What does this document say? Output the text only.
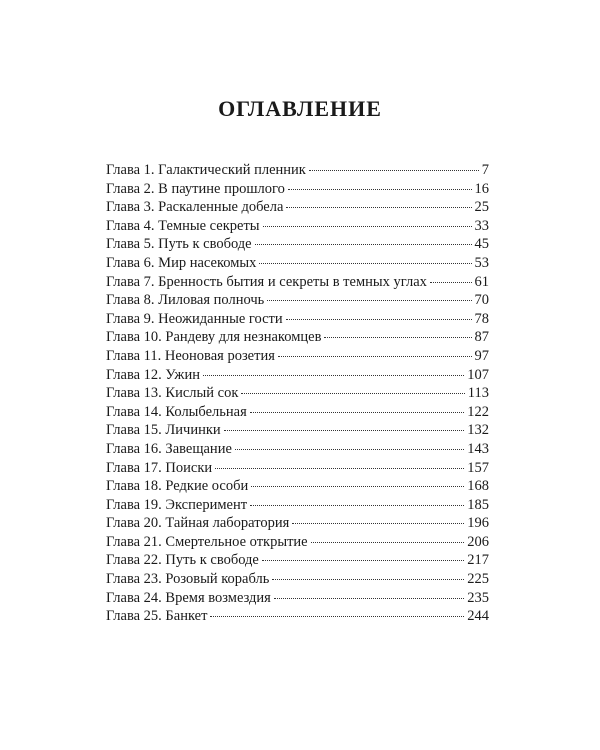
ОГЛАВЛЕНИЕ
Глава 1. Галактический пленник	7
Глава 2. В паутине прошлого	16
Глава 3. Раскаленные добела	25
Глава 4. Темные секреты	33
Глава 5. Путь к свободе	45
Глава 6. Мир насекомых	53
Глава 7. Бренность бытия и секреты в темных углах	61
Глава 8. Лиловая полночь	70
Глава 9. Неожиданные гости	78
Глава 10. Рандеву для незнакомцев	87
Глава 11. Неоновая розетия	97
Глава 12. Ужин	107
Глава 13. Кислый сок	113
Глава 14. Колыбельная	122
Глава 15. Личинки	132
Глава 16. Завещание	143
Глава 17. Поиски	157
Глава 18. Редкие особи	168
Глава 19. Эксперимент	185
Глава 20. Тайная лаборатория	196
Глава 21. Смертельное открытие	206
Глава 22. Путь к свободе	217
Глава 23. Розовый корабль	225
Глава 24. Время возмездия	235
Глава 25. Банкет	244
